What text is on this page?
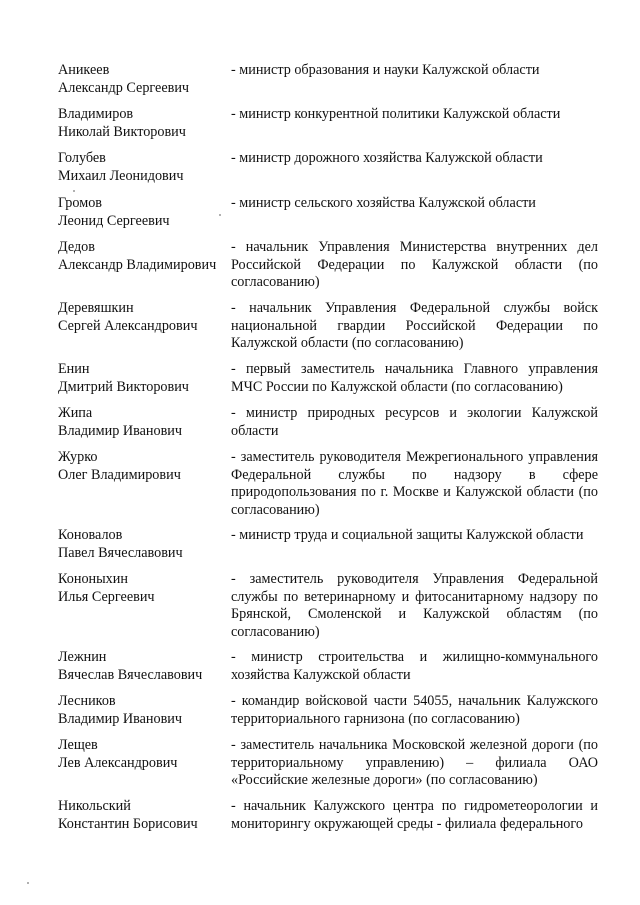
Аникеев
Александр Сергеевич
- министр образования и науки Калужской области
Владимиров
Николай Викторович
- министр конкурентной политики Калужской области
Голубев
Михаил Леонидович
- министр дорожного хозяйства Калужской области
Громов
Леонид Сергеевич
- министр сельского хозяйства Калужской области
Дедов
Александр Владимирович
- начальник Управления Министерства внутренних дел Российской Федерации по Калужской области (по согласованию)
Деревяшкин
Сергей Александрович
- начальник Управления Федеральной службы войск национальной гвардии Российской Федерации по Калужской области (по согласованию)
Енин
Дмитрий Викторович
- первый заместитель начальника Главного управления МЧС России по Калужской области (по согласованию)
Жипа
Владимир Иванович
- министр природных ресурсов и экологии Калужской области
Журко
Олег Владимирович
- заместитель руководителя Межрегионального управления Федеральной службы по надзору в сфере природопользования по г. Москве и Калужской области (по согласованию)
Коновалов
Павел Вячеславович
- министр труда и социальной защиты Калужской области
Кононыхин
Илья Сергеевич
- заместитель руководителя Управления Федеральной службы по ветеринарному и фитосанитарному надзору по Брянской, Смоленской и Калужской областям (по согласованию)
Лежнин
Вячеслав Вячеславович
- министр строительства и жилищно-коммунального хозяйства Калужской области
Лесников
Владимир Иванович
- командир войсковой части 54055, начальник Калужского территориального гарнизона (по согласованию)
Лещев
Лев Александрович
- заместитель начальника Московской железной дороги (по территориальному управлению) – филиала ОАО «Российские железные дороги» (по согласованию)
Никольский
Константин Борисович
- начальник Калужского центра по гидрометеорологии и мониторингу окружающей среды - филиала федерального
